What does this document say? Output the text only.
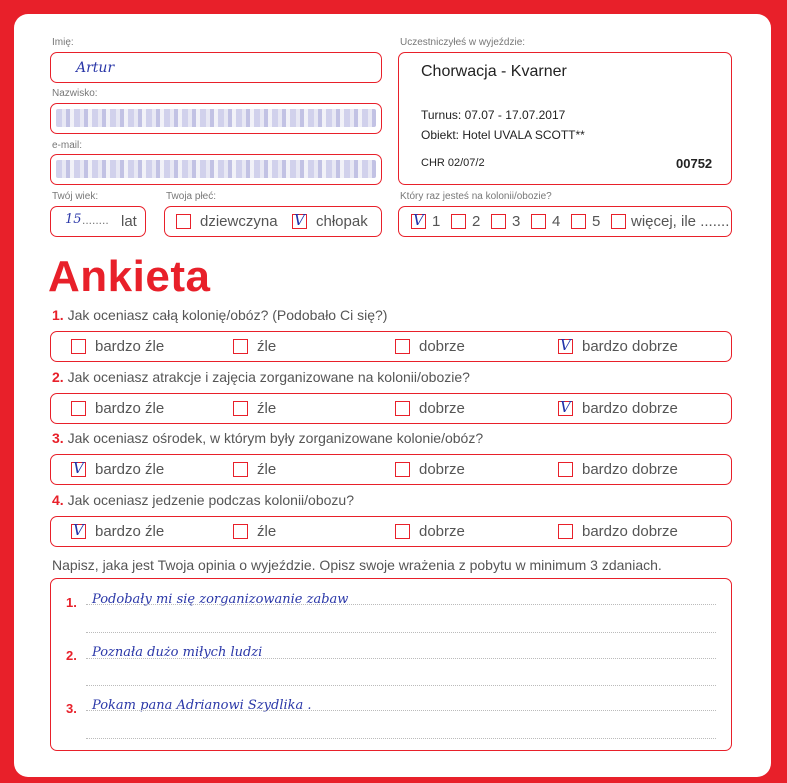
Imię:
Artur
Nazwisko:
e-mail:
Twój wiek:
15 ........ lat
Twoja płeć:
dziewczyna V chłopak
Uczestniczyłeś w wyjeździe:
Chorwacja - Kvarner
Turnus: 07.07 - 17.07.2017
Obiekt: Hotel UVALA SCOTT**
CHR 02/07/2	00752
Który raz jesteś na kolonii/obozie?
V 1 2 3 4 5 więcej, ile .......
Ankieta
1. Jak oceniasz całą kolonię/obóz? (Podobało Ci się?)
bardzo źle	źle	dobrze	V bardzo dobrze
2. Jak oceniasz atrakcje i zajęcia zorganizowane na kolonii/obozie?
bardzo źle	źle	dobrze	V bardzo dobrze
3. Jak oceniasz ośrodek, w którym były zorganizowane kolonie/obóz?
V bardzo źle	źle	dobrze	bardzo dobrze
4. Jak oceniasz jedzenie podczas kolonii/obozu?
V bardzo źle	źle	dobrze	bardzo dobrze
Napisz, jaka jest Twoja opinia o wyjeździe. Opisz swoje wrażenia z pobytu w minimum 3 zdaniach.
1. Podobały mi się zorganizowanie zabaw
2. Poznała dużo miłych ludzi
3. Pokam pana Adrianowi Szydlika .
